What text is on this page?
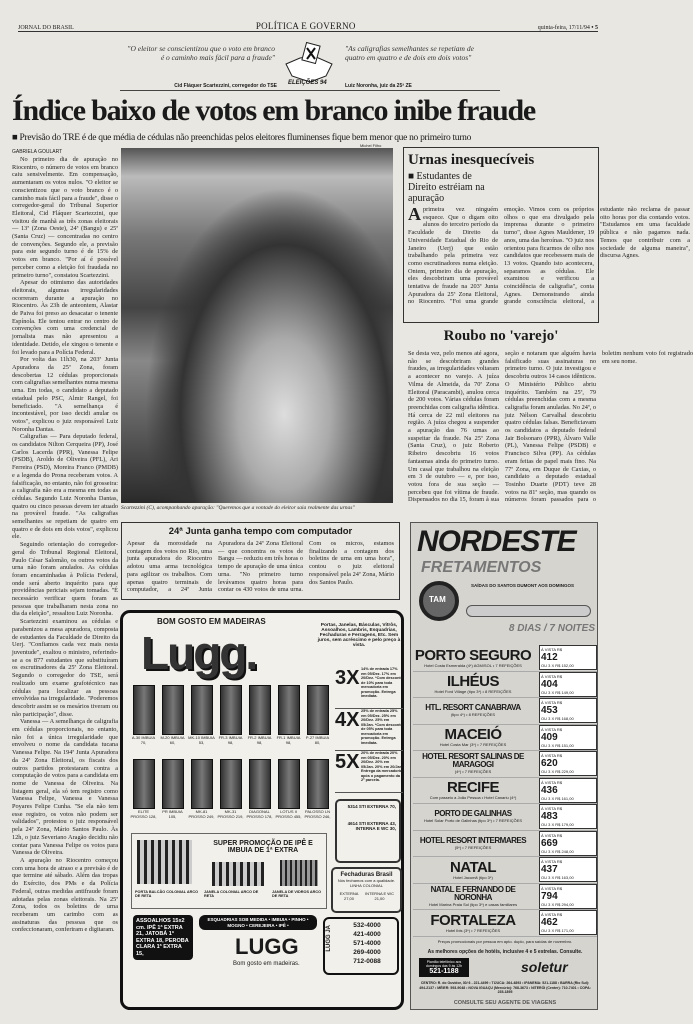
JORNAL DO BRASIL	POLÍTICA E GOVERNO	quinta-feira, 17/11/94 • 5
"O eleitor se conscientizou que o voto em branco é o caminho mais fácil para a fraude"
"As caligrafias semelhantes se repetiam de quatro em quatro e de dois em dois votos"
Cid Fláquer Scartezzini, corregedor do TSE	Luiz Noronha, juiz da 25ª ZE
ELEIÇÕES 94
Índice baixo de votos em branco inibe fraude
■ Previsão do TRE é de que média de cédulas não preenchidas pelos eleitores fluminenses fique bem menor que no primeiro turno
GABRIELA GOULART

No primeiro dia de apuração no Riocentro, o número de votos em branco caiu sensivelmente. Em compensação, aumentaram os votos nulos. "O eleitor se conscientizou que o voto branco é o caminho mais fácil para a fraude", disse o corregedor-geral do Tribunal Superior Eleitoral, Cid Fláquer Scartezzini, que visitou de manhã as três zonas eleitorais — 13ª (Zona Oeste), 24ª (Bangu) e 25ª (Santa Cruz) — concentradas no centro de convenções. Segundo ele, a previsão para este segundo turno é de 15% de votos em branco. "Por aí é possível perceber como a eleição foi fraudada no primeiro turno", constatou Scartezzini.

Apesar do otimismo das autoridades eleitorais, algumas irregularidades ocorreram durante a apuração no Riocentro. Às 23h de anteontem, Alastar de Paiva foi preso ao desacatar o tenente Espínola. Ele tentou entrar no centro de convenções com uma credencial de jornalista mas não apresentou a identidade. Detido, ele xingou o tenente e foi levado para a Polícia Federal.

Por volta das 11h30, na 203ª Junta Apuradora da 25ª Zona, foram descobertas 12 cédulas proporcionais com caligrafias semelhantes numa mesma urna. Em todas, o candidato a deputado estadual pelo PSC, Almir Rangel, foi beneficiado. "A semelhança é incontestável, por isso decidi anular os votos", explicou o juiz responsável Luiz Noronha Dantas.

Caligrafias — Para deputado federal, os candidatos Nilton Cerqueira (PP), José Carlos Lacerda (PPR), Vanessa Felipe (PSDB), Aroldo de Oliveira (PFL), Ari Ferreira (PSD), Moreira Franco (PMDB) e a legenda do Prona receberam votos. A falsificação, no entanto, não foi grosseira: a caligrafia não era a mesma em todas as cédulas. Segundo Luiz Noronha Dantas, quatro ou cinco pessoas devem ter atuado na provável fraude. "As caligrafias semelhantes se repetiam de quatro em quatro e de dois em dois votos", explicou ele.

Seguindo orientação do corregedor-geral do Tribunal Regional Eleitoral, Paulo César Salomão, os outros votos da urna não foram anulados. As cédulas foram encaminhadas à Polícia Federal, onde será aberto inquérito para que providências periciais sejam tomadas. "É necessário verificar quem foram as pessoas que trabalharam nesta zona no dia da eleição", ressaltou Luiz Noronha.

Scartezzini examinou as cédulas e parabenizou a mesa apuradora, composta de estudantes da Faculdade de Direito da Uerj. "Confiamos cada vez mais nesta juventude", exaltou o ministro, referindo-se a os 877 estudantes que substituíram os escrutinadores da 25ª Zona Eleitoral. Segundo o corregedor do TSE, será realizado um exame grafotécnico nas cédulas para localizar as pessoas envolvidas na irregularidade. "Poderemos descobrir assim se os mesários tiveram ou não participação", disse.

Vanessa — A semelhança de caligrafia em cédulas proporcionais, no entanto, não foi a única irregularidade que envolveu o nome da candidata tucana Vanessa Felipe. Na 194ª Junta Apuradora da 24ª Zona Eleitoral, os fiscais dos outros partidos protestaram contra a computação de votos para a candidata em nome de Vanessa de Oliveira. Na listagem geral, ela só tem registro como Vanessa Felipe, Vanessa e Vanessa Poyares Felipe Cunha. "Se ela não tem esse registro, os votos não podem ser validados", protestou o juiz responsável pela 24ª Zona, Mário Santos Paulo. Às 12h, o juiz Severiano Aragão decidiu não contar para Vanessa Felipe os votos para Vanessa de Oliveira.

A apuração no Riocentro começou com uma hora de atraso e a previsão é de que termine até sábado. Além das tropas do Exército, dos PMs e da Polícia Federal, outras medidas antifraude foram adotadas pelas zonas eleitorais. Na 25ª Zona, todos os boletins de urna receberam um carimbo com as assinaturas das pessoas que os confeccionaram, conferiram e digitaram.

Michel Filho
Scartezzini (C), acompanhando apuração: "Queremos que a vontade do eleitor saia realmente das urnas"
Urnas inesquecíveis
■ Estudantes de Direito estréiam na apuração
Aprimeira vez ninguém esquece. Que o digam oito alunos do terceiro período da Faculdade de Direito da Universidade Estadual do Rio de Janeiro (Uerj) que estão trabalhando pela primeira vez como escrutinadores numa eleição. Ontem, primeiro dia de apuração, eles descobriram uma provável tentativa de fraude na 203ª Junta Apuradora da 25ª Zona Eleitoral, no Riocentro. "Foi uma grande emoção. Vimos com os próprios olhos o que era divulgado pela imprensa durante o primeiro turno", disse Agnes Mauldener, 19 anos, uma das heroínas. "O juiz nos orientou para ficarmos de olho nos candidatos que recebessem mais de 13 votos. Quando isto acontecera, separamos as cédulas. Ele examinou e verificou a coincidência de caligrafia", conta Agnes. Demonstrando ainda grande consciência eleitoral, a estudante não reclama de passar oito horas por dia contando votos. "Estudamos em uma faculdade pública e não pagamos nada. Temos que contribuir com a sociedade de alguma maneira", discursa Agnes.
Roubo no 'varejo'
Se desta vez, pelo menos até agora, não se descobriram grandes fraudes, as irregularidades voltaram a acontecer no varejo. A juíza Vilma de Almeida, da 70ª Zona Eleitoral (Paracambi), anulou cerca de 200 votos. Várias cédulas foram preenchidas com caligrafia idêntica. Há cerca de 22 mil eleitores na região. A juíza chegou a suspender a apuração das 76 urnas ao suspeitar da fraude. Na 25ª Zona (Santa Cruz), o juiz Roberto Ribeiro descobriu 16 votos fantasmas ainda do primeiro turno. Um casal que trabalhou na eleição em 3 de outubro — e, por isso, votou fora de sua seção — percebeu que foi vítima de fraude. Dispensados no dia 15, foram à sua seção e notaram que alguém havia falsificado suas assinaturas no primeiro turno. O juiz investigou e descobriu outros 14 casos idênticos. O Ministério Público abriu inquérito. Também na 25ª, 79 cédulas preenchidas com a mesma caligrafia foram anuladas. No 24ª, o juiz Nélson Carvalhal descobriu quatro cédulas falsas. Beneficiavam os candidatos a deputado federal Jair Bolsonaro (PPR), Álvaro Valle (PL), Vanessa Felipe (PSDB) e Francisco Silva (PP). As cédulas eram feitas de papel mais fino. Na 77ª Zona, em Duque de Caxias, o candidato a deputado estadual Tosinho Duarte (PDT) teve 28 votos na 81ª seção, mas quando os números foram passados para o boletim nenhum voto foi registrado em seu nome.
24ª Junta ganha tempo com computador
Apesar da morosidade na contagem dos votos no Rio, uma junta apuradora do Riocentro adotou uma arma tecnológica para agilizar os trabalhos. Com apenas quatro terminais de computador, a 24ª Junta Apuradora da 24ª Zona Eleitoral — que concentra os votos de Bangu — reduziu em três horas o tempo de apuração de uma única urna. "No primeiro turno levávamos quatro horas para contar os 430 votos de uma urna. Com os micros, estamos finalizando a contagem dos boletins de urna em uma hora", contou o juiz eleitoral responsável pela 24ª Zona, Mário dos Santos Paulo.
BOM GOSTO EM MADEIRAS
Lugg.
Portas, Janelas, Básculas, Vitrôs, Assoalhos, Lambris, Esquadrias, Fechaduras e Ferragens, Etc. Sem juros, sem acréscimo e pelo preço à vista.
3X 14% de entrada 17% em 05/Dez. 17% em 20/Dez. *Com desconto de 10% para toda mercadoria em promoção. Entrega imediata.
4X 25% de entrada 25% em 05/Dez. 25% em 20/Dez. 25% em 05/Jan. *Com desconto de 05% para toda mercadoria em promoção. Entrega imediata.
5X 20% de entrada 20% em 05/Dez. 20% em 20/Dez. 20% em 05/Jan. 20% em 20/Jan. Entrega da mercadoria após o pagamento da 2ª parcela.
A-30 IMBUIA 70,
M-20 IMBUIA 60,
MK-10 IMBUIA 53,
FR-3 IMBUIA 98,
FR-2 IMBUIA 98,
FR-1 IMBUIA 98,
P-27 IMBUIA 80,
ELITE PROSSO 128,
PR IMBUIA 105,
MK-81 PROSSO 249,
MK-31 PROSSO 219,
DIAGONAL PROSSO 178,
LOTUS II PROSSO 455,
PALOSSO LN PROSSO 246,
SUPER PROMOÇÃO DE IPÊ E IMBUIA DE 1ª EXTRA
PORTA BALCÃO COLONIAL ARCO DE RETA
JANELA COLONIAL ARCO DE RETA
JANELA DE VIDROS ARCO DE RETA
5314 STI EXTERNA 70,
4614 STI EXTERNA 43,
INTERNA E WC 30,
Fechaduras Brasil
Nós fechamos com a qualidade.
LINHA COLONIAL
EXTERNA 27,00
INTERNA E WC 21,00
ASSOALHOS 15x2 cm. IPÊ 1ª EXTRA 21, JATOBÁ 1ª EXTRA 18, PEROBA CLARA 1ª EXTRA 15,
ESQUADRIAS SOB MEDIDA • IMBUIA • PINHO • MOGNO • CEREJEIRA • IPÊ •
LUGG
Bom gosto em madeiras.
532-4000
421-4000
571-4000
269-4000
712-0088
LUGG JÁ
NORDESTE
FRETAMENTOS
SAÍDAS DO SANTOS DUMONT AOS DOMINGOS
TAM
8 DIAS / 7 NOITES
PORTO SEGURO
Hotel Costa Esmeralda (4*) AGM/SOL • 7 REFEIÇÕES
À VISTA R$
412
OU 3 X R$ 152,00
ILHÉUS
Hotel Ford Village (tipo 3*) • 8 REFEIÇÕES
À VISTA R$
404
OU 3 X R$ 149,00
HTL. RESORT CANABRAVA
(tipo 4*) • 8 REFEIÇÕES
À VISTA R$
453
OU 3 X R$ 168,00
MACEIÓ
Hotel Costa Mar (3*) • 7 REFEIÇÕES
À VISTA R$
409
OU 3 X R$ 151,00
HOTEL RESORT SALINAS DE MARAGOGI
(4*) • 7 REFEIÇÕES
À VISTA R$
620
OU 3 X R$ 229,00
RECIFE
Com passeio a João Pessoa • Hotel Canariu (4*)
À VISTA R$
436
OU 3 X R$ 161,00
PORTO DE GALINHAS
Hotel Solar Porto de Galinhas (tipo 3*) • 7 REFEIÇÕES
À VISTA R$
483
OU 3 X R$ 179,00
HOTEL RESORT INTERMARES
(5*) • 7 REFEIÇÕES
À VISTA R$
669
OU 3 X R$ 248,00
NATAL
Hotel Jacumã (tipo 3*)
À VISTA R$
437
OU 3 X R$ 163,00
NATAL E FERNANDO DE NORONHA
Hotel Marina Praia Sol (tipo 3*) e casas familiares
À VISTA R$
794
OU 3 X R$ 294,00
FORTALEZA
Hotel Ibis (3*) • 7 REFEIÇÕES
À VISTA R$
462
OU 3 X R$ 171,00
Preços promocionais por pessoa em apto. duplo, para saídas de novembro.
As melhores opções de hotéis, inclusive 4 e 5 estrelas. Consulte.
Plantão telefônico aos domingos das 9 às 12h
521-1188	soletur
CENTRO: R. do Ouvidor, 30/ 6 - 221-4499 • TIJUCA: 264-4893 • IPANEMA: 521-1188 • BARRA (Rio Sul): 494-2137 • MÉIER: 593-9048 • NOVA IGUAÇU (Mercúrio): 768-3673 • NITERÓI (Center): 710-7401 • COPA: 235-1895
CONSULTE SEU AGENTE DE VIAGENS
